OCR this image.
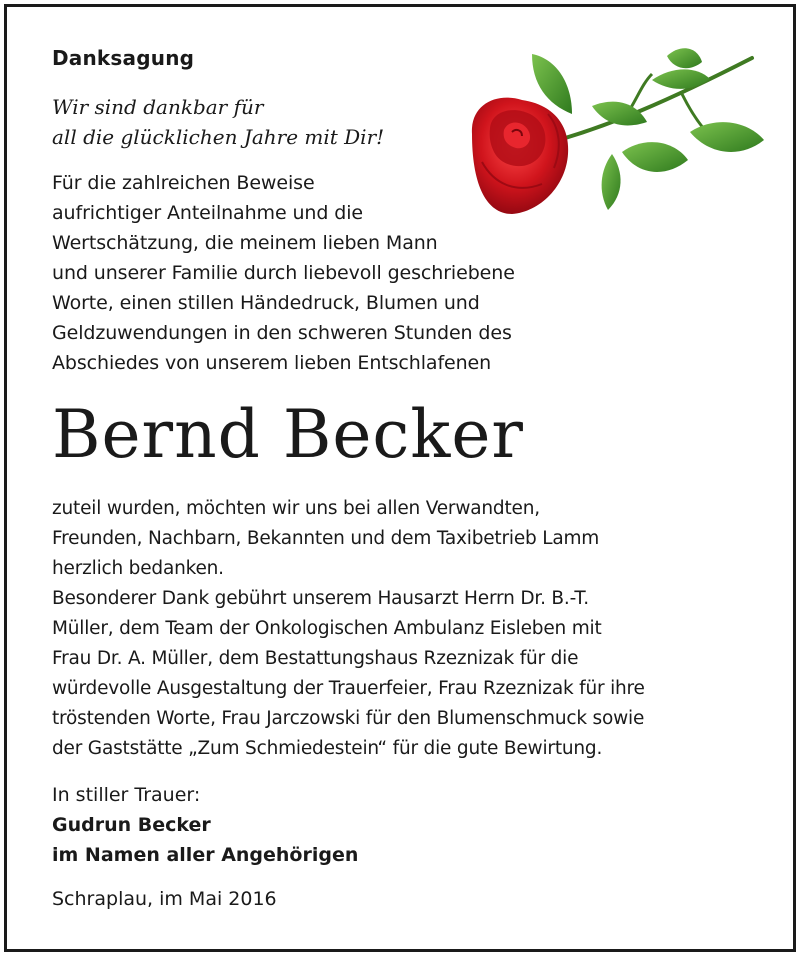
Danksagung
Wir sind dankbar für
all die glücklichen Jahre mit Dir!
Für die zahlreichen Beweise
aufrichtiger Anteilnahme und die
Wertschätzung, die meinem lieben Mann
und unserer Familie durch liebevoll geschriebene
Worte, einen stillen Händedruck, Blumen und
Geldzuwendungen in den schweren Stunden des
Abschiedes von unserem lieben Entschlafenen
Bernd Becker
zuteil wurden, möchten wir uns bei allen Verwandten,
Freunden, Nachbarn, Bekannten und dem Taxibetrieb Lamm
herzlich bedanken.
Besonderer Dank gebührt unserem Hausarzt Herrn Dr. B.-T.
Müller, dem Team der Onkologischen Ambulanz Eisleben mit
Frau Dr. A. Müller, dem Bestattungshaus Rzeznizak für die
würdevolle Ausgestaltung der Trauerfeier, Frau Rzeznizak für ihre
tröstenden Worte, Frau Jarczowski für den Blumenschmuck sowie
der Gaststätte „Zum Schmiedestein“ für die gute Bewirtung.
In stiller Trauer:
Gudrun Becker
im Namen aller Angehörigen
Schraplau, im Mai 2016
